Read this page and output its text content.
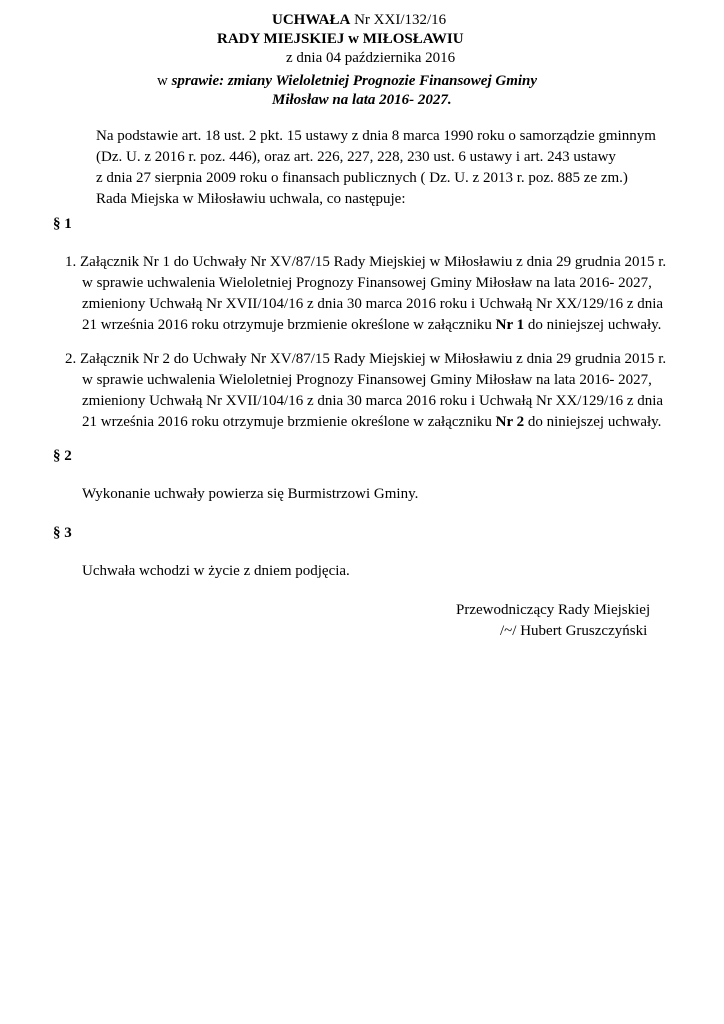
UCHWAŁA Nr XXI/132/16
RADY MIEJSKIEJ w MIŁOSŁAWIU
z dnia 04 października 2016
w sprawie: zmiany Wieloletniej Prognozie Finansowej Gminy
Miłosław na lata 2016- 2027.
Na podstawie art. 18 ust. 2 pkt. 15 ustawy z dnia 8 marca 1990 roku o samorządzie gminnym
(Dz. U. z 2016 r. poz. 446), oraz art. 226, 227, 228, 230 ust. 6 ustawy i art. 243 ustawy
z dnia 27 sierpnia 2009 roku o finansach publicznych ( Dz. U. z 2013 r. poz. 885 ze zm.)
Rada Miejska w Miłosławiu uchwala, co następuje:
§ 1
1. Załącznik Nr 1 do Uchwały Nr XV/87/15 Rady Miejskiej w Miłosławiu z dnia 29 grudnia 2015 r.
w sprawie uchwalenia Wieloletniej Prognozy Finansowej Gminy Miłosław na lata 2016- 2027,
zmieniony Uchwałą Nr XVII/104/16 z dnia 30 marca 2016 roku i Uchwałą Nr XX/129/16 z dnia
21 września 2016 roku otrzymuje brzmienie określone w załączniku Nr 1 do niniejszej uchwały.
2. Załącznik Nr 2 do Uchwały Nr XV/87/15 Rady Miejskiej w Miłosławiu z dnia 29 grudnia 2015 r.
w sprawie uchwalenia Wieloletniej Prognozy Finansowej Gminy Miłosław na lata 2016- 2027,
zmieniony Uchwałą Nr XVII/104/16 z dnia 30 marca 2016 roku i Uchwałą Nr XX/129/16 z dnia
21 września 2016 roku otrzymuje brzmienie określone w załączniku Nr 2 do niniejszej uchwały.
§ 2
Wykonanie uchwały powierza się Burmistrzowi Gminy.
§ 3
Uchwała wchodzi w życie z dniem podjęcia.
Przewodniczący Rady Miejskiej
/~/ Hubert Gruszczyński
